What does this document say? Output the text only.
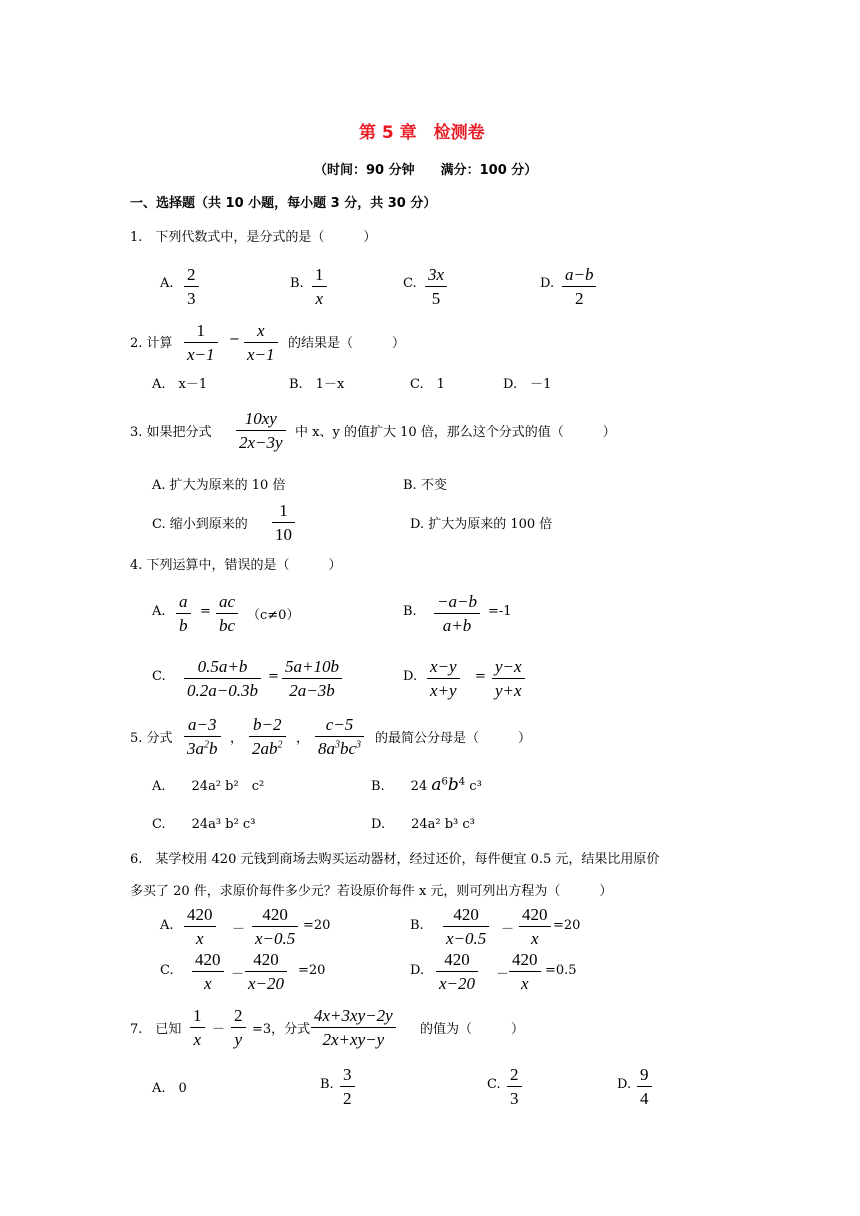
第 5 章　检测卷
（时间：90 分钟　　满分：100 分）
一、选择题（共 10 小题，每小题 3 分，共 30 分）
1.　下列代数式中，是分式的是（　　　）
A. $\frac{2}{3}$	B. $\frac{1}{x}$	C. $\frac{3x}{5}$	D. $\frac{a-b}{2}$
2. 计算 $\frac{1}{x-1} - \frac{x}{x-1}$ 的结果是（　　　）
A.　x－1	B.　1－x	C.　1	D.　－1
3. 如果把分式 $\frac{10xy}{2x-3y}$ 中 x、y 的值扩大 10 倍，那么这个分式的值（　　　）
A. 扩大为原来的 10 倍	B. 不变
C. 缩小到原来的 $\frac{1}{10}$	D. 扩大为原来的 100 倍
4. 下列运算中，错误的是（　　　）
A. $\frac{a}{b} = \frac{ac}{bc} (c\ne 0)$	B. $\frac{-a-b}{a+b} =-1$
C. $\frac{0.5a+b}{0.2a-0.3b} = \frac{5a+10b}{2a-3b}$	D. $\frac{x-y}{x+y} = \frac{y-x}{y+x}$
5. 分式 $\frac{a-3}{3a^2b}$ ， $\frac{b-2}{2ab^2}$ ， $\frac{c-5}{8a^3bc^3}$ 的最简公分母是（　　　）
A.　　24a² b²　c²	B.　　24 $a^6b^4$ c³
C.　　24a³ b² c³	D.　　24a² b³ c³
6.　某学校用 420 元钱到商场去购买运动器材，经过还价，每件便宜 0.5 元，结果比用原价
多买了 20 件，求原价每件多少元？若设原价每件 x 元，则可列出方程为（　　　）
A. $\frac{420}{x} - \frac{420}{x-0.5} =20$	B. $\frac{420}{x-0.5} - \frac{420}{x} =20$
C. $\frac{420}{x} - \frac{420}{x-20} =20$	D. $\frac{420}{x-20} - \frac{420}{x} =0.5$
7.　已知 $\frac{1}{x} - \frac{2}{y} =3$，分式 $\frac{4x+3xy-2y}{2x+xy-y}$ 的值为（　　　）
A.　0	B. $\frac{3}{2}$	C. $\frac{2}{3}$	D. $\frac{9}{4}$
